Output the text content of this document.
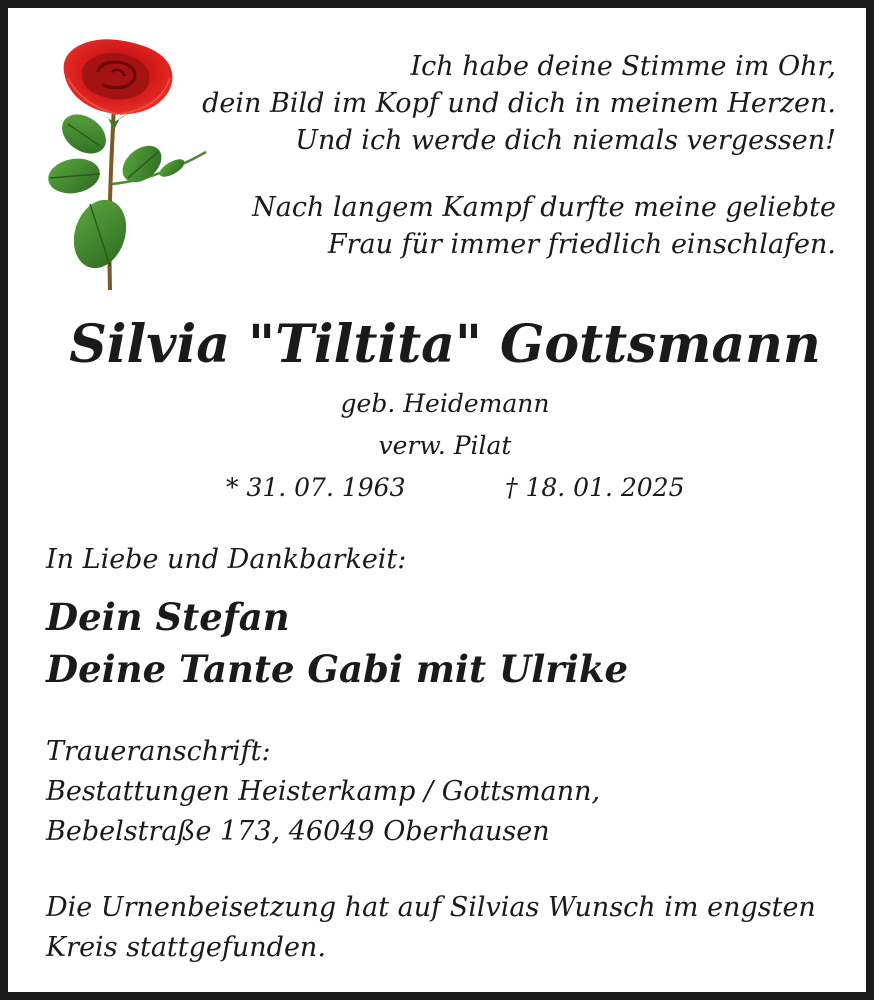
Ich habe deine Stimme im Ohr,

dein Bild im Kopf und dich in meinem Herzen.

Und ich werde dich niemals vergessen!

Nach langem Kampf durfte meine geliebte

Frau für immer friedlich einschlafen.

Silvia "Tiltita" Gottsmann
geb. Heidemann
verw. Pilat
* 31. 07. 1963	† 18. 01. 2025
In Liebe und Dankbarkeit:
Dein Stefan
Deine Tante Gabi mit Ulrike

Traueranschrift:

Bestattungen Heisterkamp / Gottsmann,

Bebelstraße 173, 46049 Oberhausen

Die Urnenbeisetzung hat auf Silvias Wunsch im engsten

Kreis stattgefunden.
